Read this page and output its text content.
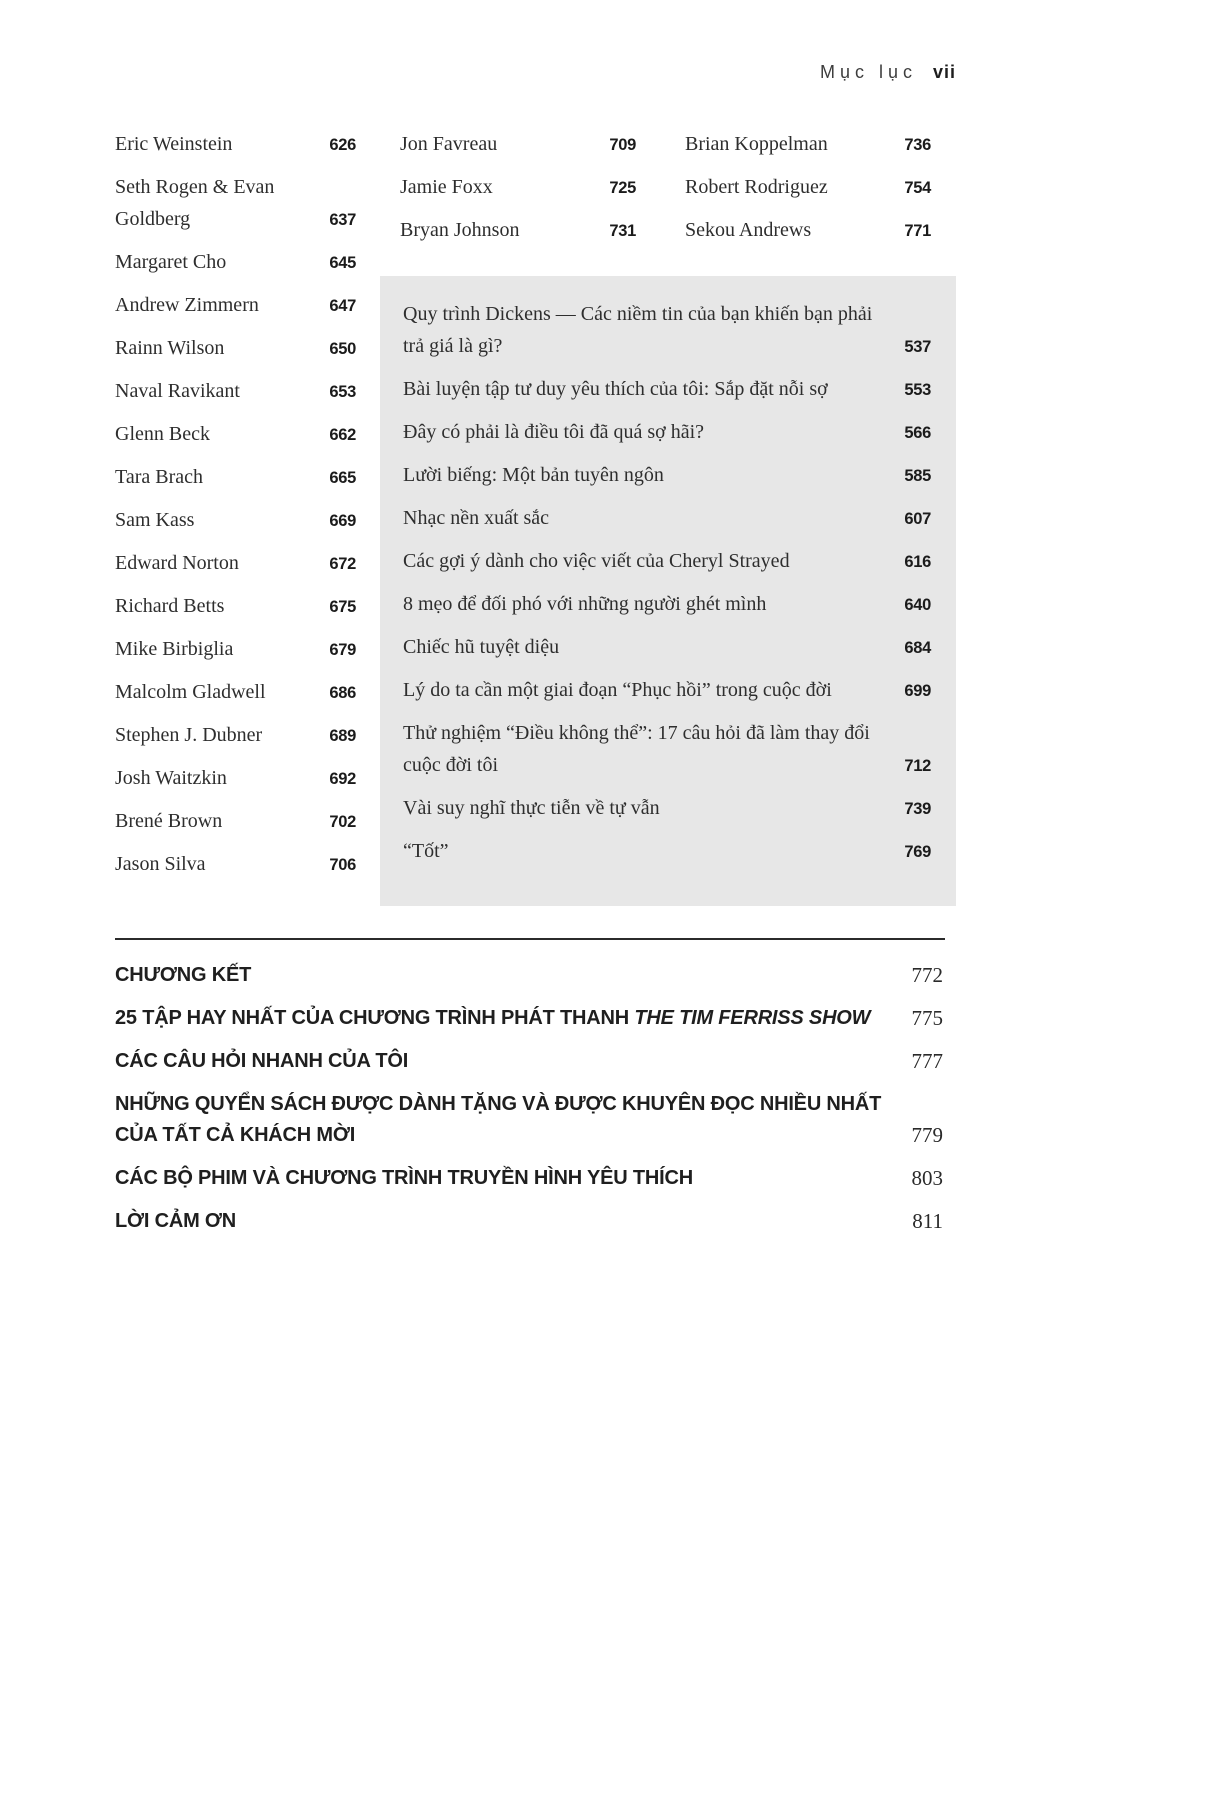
Mục lục vii
Eric Weinstein	626
Seth Rogen & Evan Goldberg	637
Margaret Cho	645
Andrew Zimmern	647
Rainn Wilson	650
Naval Ravikant	653
Glenn Beck	662
Tara Brach	665
Sam Kass	669
Edward Norton	672
Richard Betts	675
Mike Birbiglia	679
Malcolm Gladwell	686
Stephen J. Dubner	689
Josh Waitzkin	692
Brené Brown	702
Jason Silva	706
Jon Favreau	709
Jamie Foxx	725
Bryan Johnson	731
Brian Koppelman	736
Robert Rodriguez	754
Sekou Andrews	771
Quy trình Dickens — Các niềm tin của bạn khiến bạn phải trả giá là gì?	537
Bài luyện tập tư duy yêu thích của tôi: Sắp đặt nỗi sợ	553
Đây có phải là điều tôi đã quá sợ hãi?	566
Lười biếng: Một bản tuyên ngôn	585
Nhạc nền xuất sắc	607
Các gợi ý dành cho việc viết của Cheryl Strayed	616
8 mẹo để đối phó với những người ghét mình	640
Chiếc hũ tuyệt diệu	684
Lý do ta cần một giai đoạn “Phục hồi” trong cuộc đời	699
Thử nghiệm “Điều không thể”: 17 câu hỏi đã làm thay đổi cuộc đời tôi	712
Vài suy nghĩ thực tiễn về tự vẫn	739
“Tốt”	769
CHƯƠNG KẾT	772
25 TẬP HAY NHẤT CỦA CHƯƠNG TRÌNH PHÁT THANH THE TIM FERRISS SHOW	775
CÁC CÂU HỎI NHANH CỦA TÔI	777
NHỮNG QUYỂN SÁCH ĐƯỢC DÀNH TẶNG VÀ ĐƯỢC KHUYÊN ĐỌC NHIỀU NHẤT CỦA TẤT CẢ KHÁCH MỜI	779
CÁC BỘ PHIM VÀ CHƯƠNG TRÌNH TRUYỀN HÌNH YÊU THÍCH	803
LỜI CẢM ƠN	811
